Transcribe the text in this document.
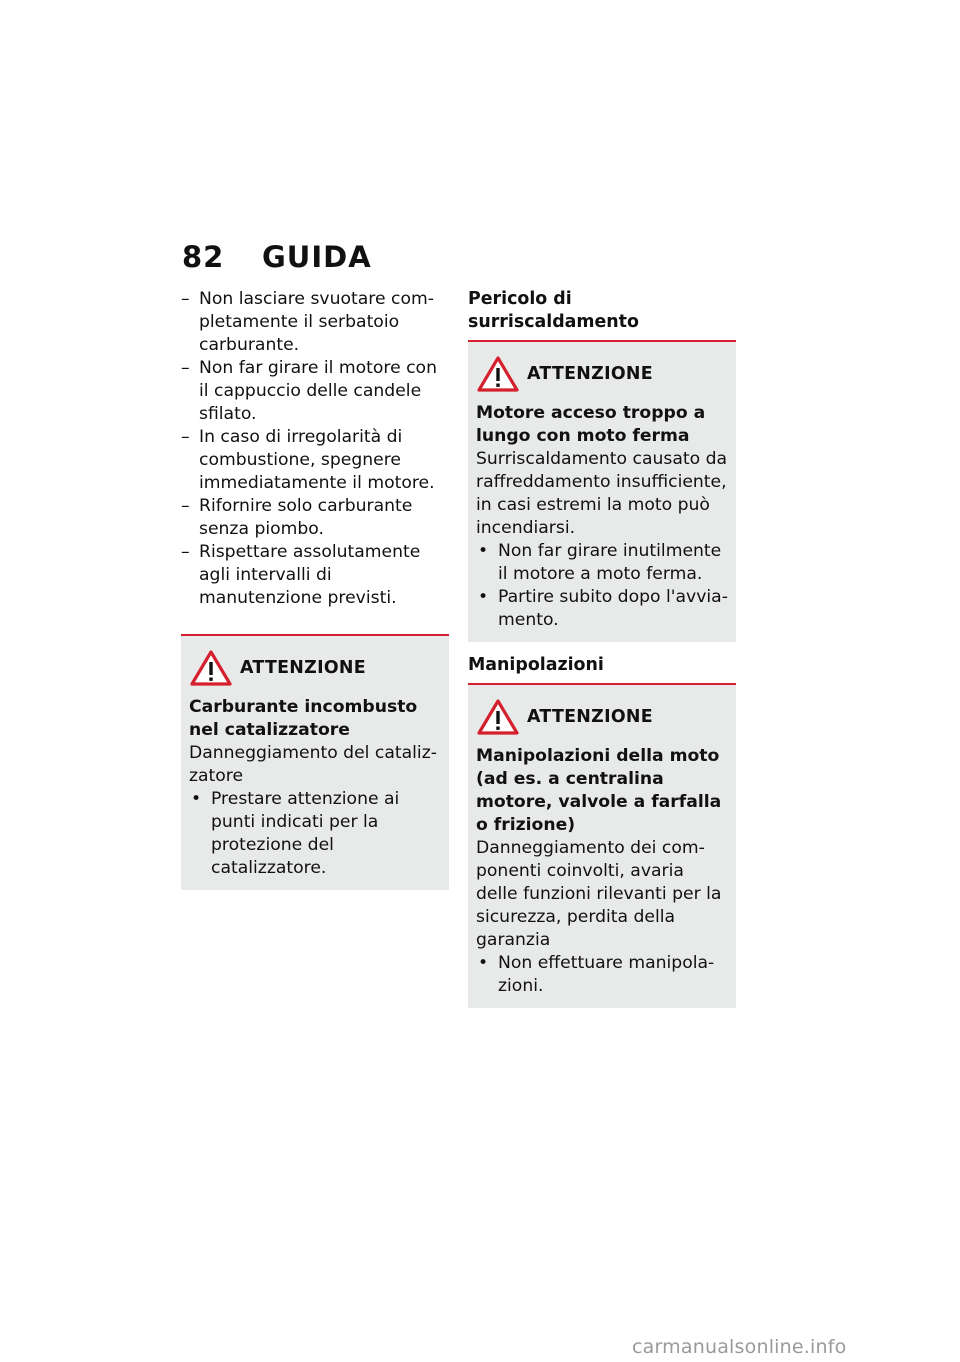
82 GUIDA
– Non lasciare svuotare completamente il serbatoio carburante.
– Non far girare il motore con il cappuccio delle candele sfilato.
– In caso di irregolarità di combustione, spegnere immediatamente il motore.
– Rifornire solo carburante senza piombo.
– Rispettare assolutamente agli intervalli di manutenzione previsti.
ATTENZIONE
Carburante incombusto nel catalizzatore
Danneggiamento del catalizzatore
• Prestare attenzione ai punti indicati per la protezione del catalizzatore.
Pericolo di surriscaldamento
ATTENZIONE
Motore acceso troppo a lungo con moto ferma
Surriscaldamento causato da raffreddamento insufficiente, in casi estremi la moto può incendiarsi.
• Non far girare inutilmente il motore a moto ferma.
• Partire subito dopo l'avviamento.
Manipolazioni
ATTENZIONE
Manipolazioni della moto (ad es. a centralina motore, valvole a farfalla o frizione)
Danneggiamento dei componenti coinvolti, avaria delle funzioni rilevanti per la sicurezza, perdita della garanzia
• Non effettuare manipolazioni.
carmanualsonline.info
